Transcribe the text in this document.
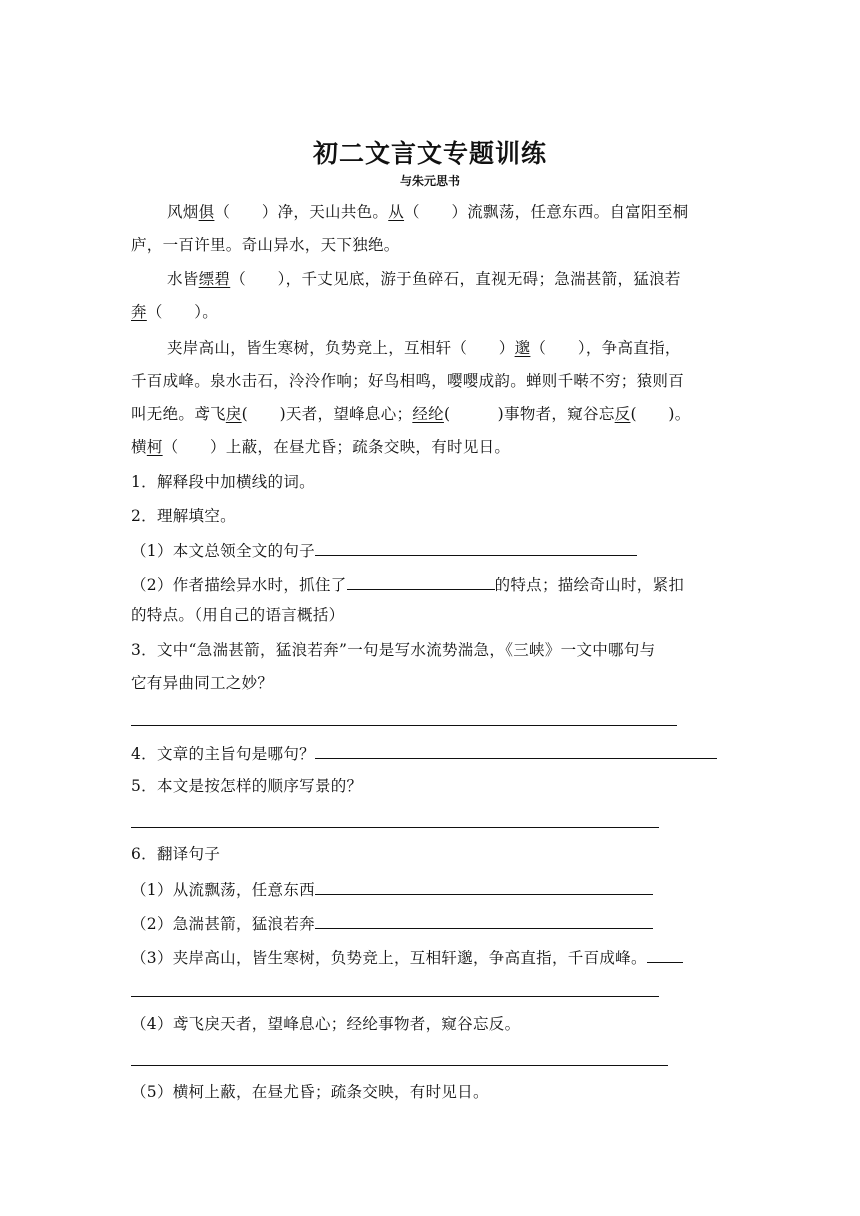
初二文言文专题训练
与朱元思书
风烟俱（　　）净，天山共色。从（　　）流飘荡，任意东西。自富阳至桐
庐，一百许里。奇山异水，天下独绝。
水皆缥碧（　　），千丈见底，游于鱼碎石，直视无碍；急湍甚箭，猛浪若
奔（　　）。
夹岸高山，皆生寒树，负势竞上，互相轩（　　）邈（　　），争高直指，
千百成峰。泉水击石，泠泠作响；好鸟相鸣，嘤嘤成韵。蝉则千啭不穷；猿则百
叫无绝。鸢飞戾(　　)天者，望峰息心；经纶(　　　)事物者，窥谷忘反(　　)。
横柯（　　）上蔽，在昼尤昏；疏条交映，有时见日。
1．解释段中加横线的词。
2．理解填空。
（1）本文总领全文的句子
（2）作者描绘异水时，抓住了	的特点；描绘奇山时，紧扣
的特点。（用自己的语言概括）
3．文中“急湍甚箭，猛浪若奔”一句是写水流势湍急，《三峡》一文中哪句与
它有异曲同工之妙？
4．文章的主旨句是哪句？
5．本文是按怎样的顺序写景的？
6．翻译句子
（1）从流飘荡，任意东西
（2）急湍甚箭，猛浪若奔
（3）夹岸高山，皆生寒树，负势竞上，互相轩邈，争高直指，千百成峰。
（4）鸢飞戾天者，望峰息心；经纶事物者，窥谷忘反。
（5）横柯上蔽，在昼尤昏；疏条交映，有时见日。
